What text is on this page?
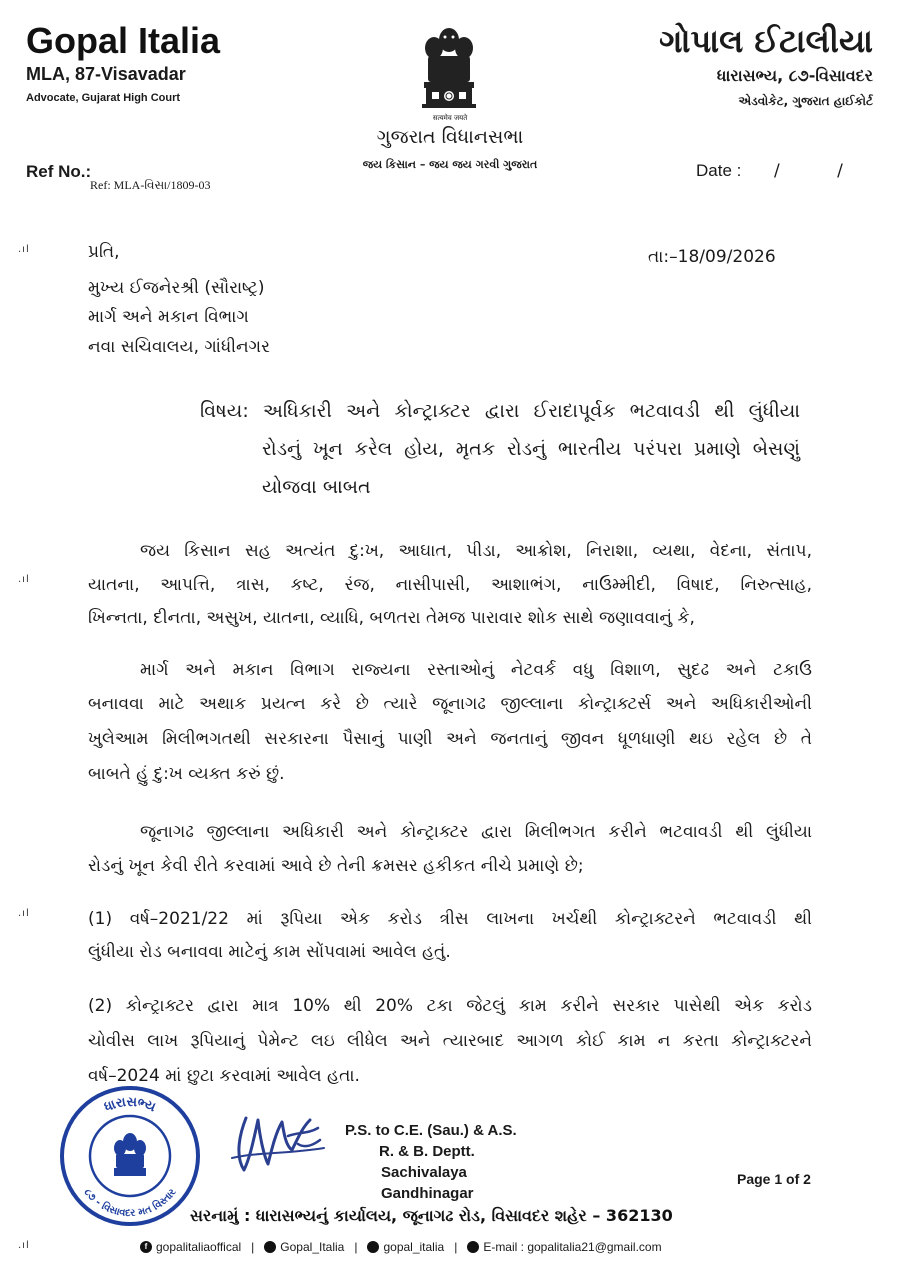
Gopal Italia
MLA, 87-Visavadar
Advocate, Gujarat High Court
ગોપાલ ઈટાલીયા
ધારાસભ્ય, ૮૭-વિસાવદર
એડવોકેટ, ગુજરાત હાઈકોર્ટ
सत्यमेव जयते
ગુજરાત વિધાનસભા
જય કિસાન – જય જય ગરવી ગુજરાત
Ref No.:
Ref: MLA-વિસા/1809-03
Date : / /
.ıl
.ıl
.ıl
.ıl
પ્રતિ,	તા:–18/09/2026
મુખ્ય ઈજનેરશ્રી (સૌરાષ્ટ્ર)
માર્ગ અને મકાન વિભાગ
નવા સચિવાલય, ગાંધીનગર
વિષય: અધિકારી અને કોન્ટ્રાક્ટર દ્વારા ઈરાદાપૂર્વક ભટવાવડી થી લુંધીયા
રોડનું ખૂન કરેલ હોય, મૃતક રોડનું ભારતીય પરંપરા પ્રમાણે બેસણું
યોજવા બાબત
જય કિસાન સહ અત્યંત દુ:ખ, આઘાત, પીડા, આક્રોશ, નિરાશા, વ્યથા, વેદના, સંતાપ,
યાતના, આપત્તિ, ત્રાસ, કષ્ટ, રંજ, નાસીપાસી, આશાભંગ, નાઉમ્મીદી, વિષાદ, નિરુત્સાહ,
ખિન્નતા, દીનતા, અસુખ, યાતના, વ્યાધિ, બળતરા તેમજ પારાવાર શોક સાથે જણાવવાનું કે,
માર્ગ અને મકાન વિભાગ રાજ્યના રસ્તાઓનું નેટવર્ક વધુ વિશાળ, સુદઢ અને ટકાઉ
બનાવવા માટે અથાક પ્રયત્ન કરે છે ત્યારે જૂનાગઢ જીલ્લાના કોન્ટ્રાક્ટર્સ અને અધિકારીઓની
ખુલેઆમ મિલીભગતથી સરકારના પૈસાનું પાણી અને જનતાનું જીવન ધૂળધાણી થઇ રહેલ છે તે
બાબતે હું દુ:ખ વ્યક્ત કરું છું.
જૂનાગઢ જીલ્લાના અધિકારી અને કોન્ટ્રાક્ટર દ્વારા મિલીભગત કરીને ભટવાવડી થી લુંધીયા
રોડનું ખૂન કેવી રીતે કરવામાં આવે છે તેની ક્રમસર હકીકત નીચે પ્રમાણે છે;
(1) વર્ષ–2021/22 માં રૂપિયા એક કરોડ ત્રીસ લાખના ખર્ચથી કોન્ટ્રાક્ટરને ભટવાવડી થી
લુંધીયા રોડ બનાવવા માટેનું કામ સોંપવામાં આવેલ હતું.
(2) કોન્ટ્રાક્ટર દ્વારા માત્ર 10% થી 20% ટકા જેટલું કામ કરીને સરકાર પાસેથી એક કરોડ
ચોવીસ લાખ રૂપિયાનું પેમેન્ટ લઇ લીધેલ અને ત્યારબાદ આગળ કોઈ કામ ન કરતા કોન્ટ્રાક્ટરને
વર્ષ–2024 માં છુટા કરવામાં આવેલ હતા.
ધારાસભ્ય
૮૭ - વિસાવદર મત વિસ્તાર
P.S. to C.E. (Sau.) & A.S.
R. & B. Deptt.
Sachivalaya
Gandhinagar
Page 1 of 2
સરનામું : ધારાસભ્યનું કાર્યાલય, જૂનાગઢ રોડ, વિસાવદર શહેર – 362130
f gopalitaliaoffical | Gopal_Italia | gopal_italia | E-mail : gopalitalia21@gmail.com
